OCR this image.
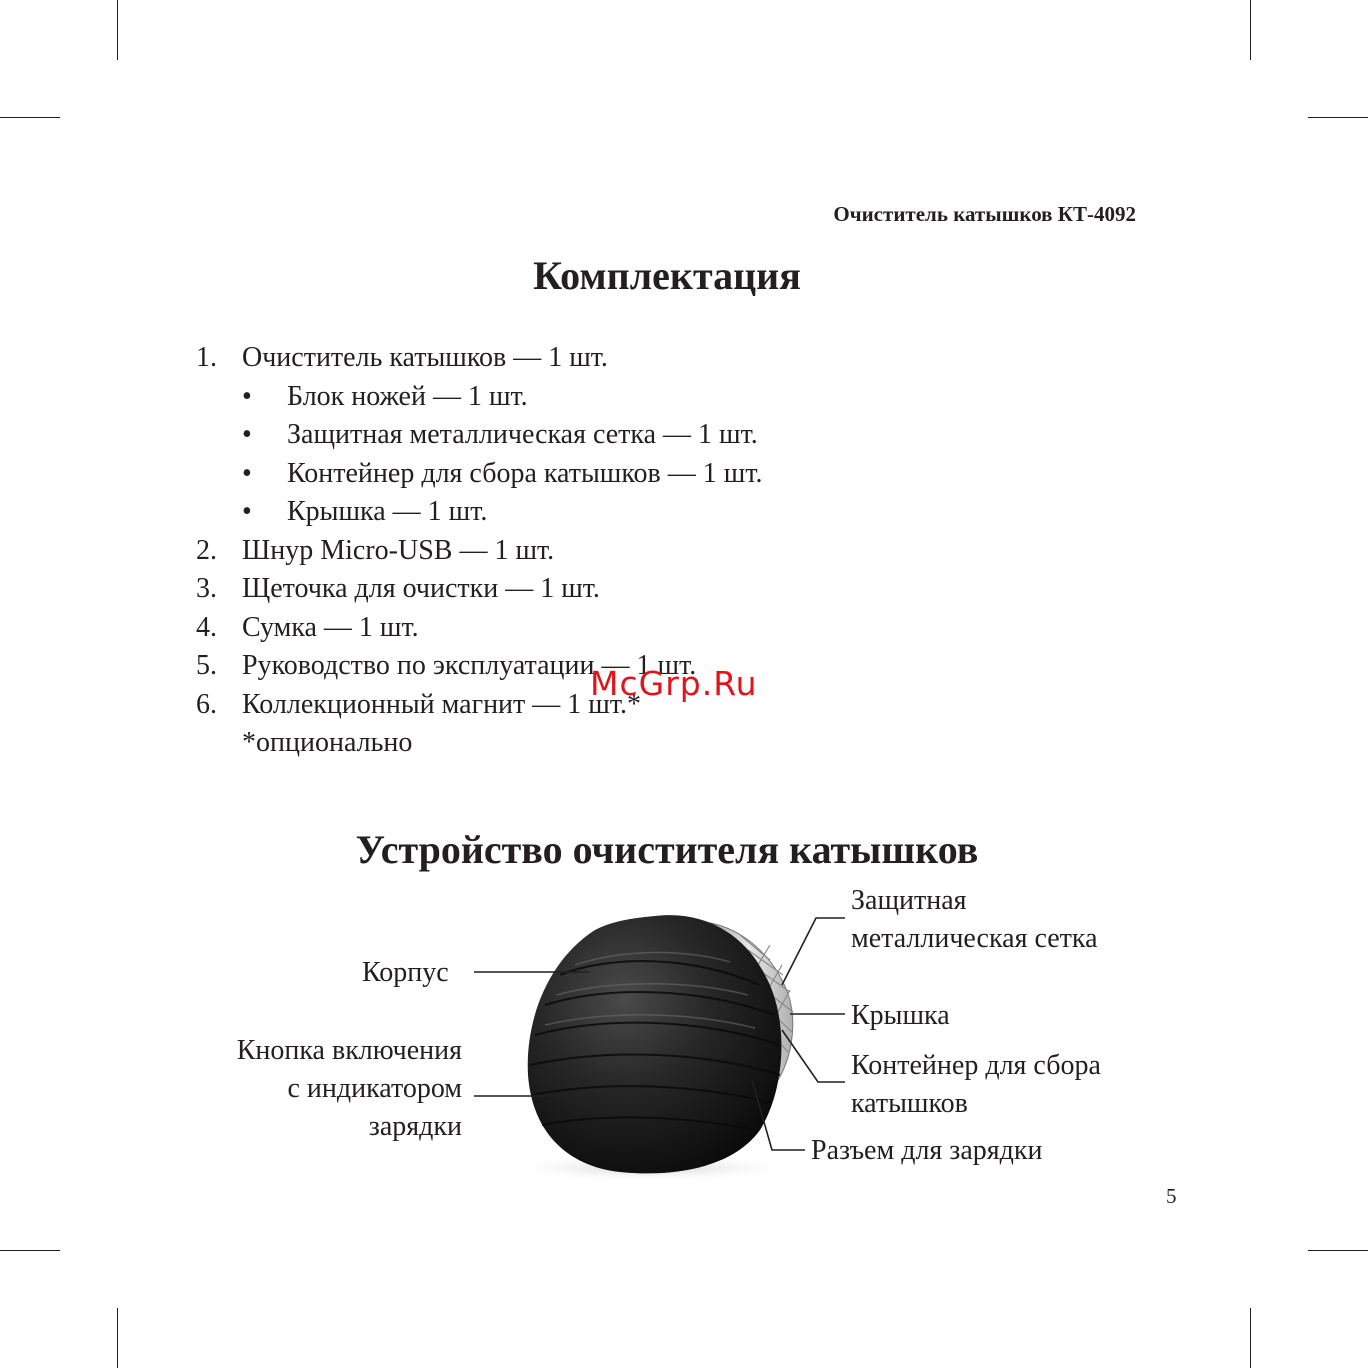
Очиститель катышков КТ-4092
Комплектация
1. Очиститель катышков — 1 шт.
• Блок ножей — 1 шт.
• Защитная металлическая сетка — 1 шт.
• Контейнер для сбора катышков — 1 шт.
• Крышка — 1 шт.
2. Шнур Micro-USB — 1 шт.
3. Щеточка для очистки — 1 шт.
4. Сумка — 1 шт.
5. Руководство по эксплуатации — 1 шт.
6. Коллекционный магнит — 1 шт.*
*опционально
McGrp.Ru
Устройство очистителя катышков
Корпус
Кнопка включения
с индикатором
зарядки
Защитная
металлическая сетка
Крышка
Контейнер для сбора
катышков
Разъем для зарядки
5
